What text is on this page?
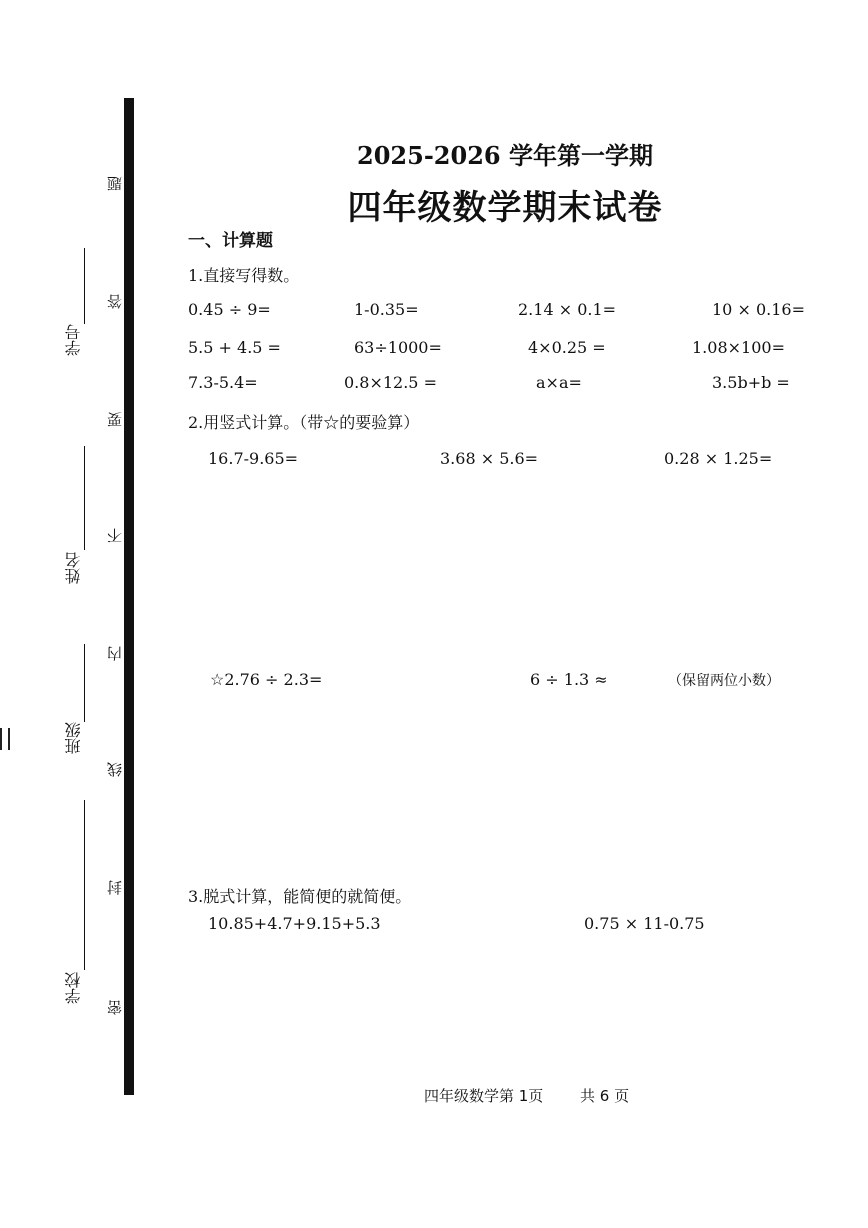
学号
姓名
班级
学校
题
答
要
不
内
线
封
密
2025-2026 学年第一学期
四年级数学期末试卷
一、计算题
1.直接写得数。
0.45 ÷ 9=	1-0.35=	2.14 × 0.1=	10 × 0.16=
5.5 + 4.5 =	63÷1000=	4×0.25 =	1.08×100=
7.3-5.4=	0.8×12.5 =	a×a=	3.5b+b =
2.用竖式计算。（带☆的要验算）
16.7-9.65=	3.68 × 5.6=	0.28 × 1.25=
☆2.76 ÷ 2.3=	6 ÷ 1.3 ≈	（保留两位小数）
3.脱式计算，能简便的就简便。
10.85+4.7+9.15+5.3	0.75 × 11-0.75
四年级数学第 1页 共 6 页
